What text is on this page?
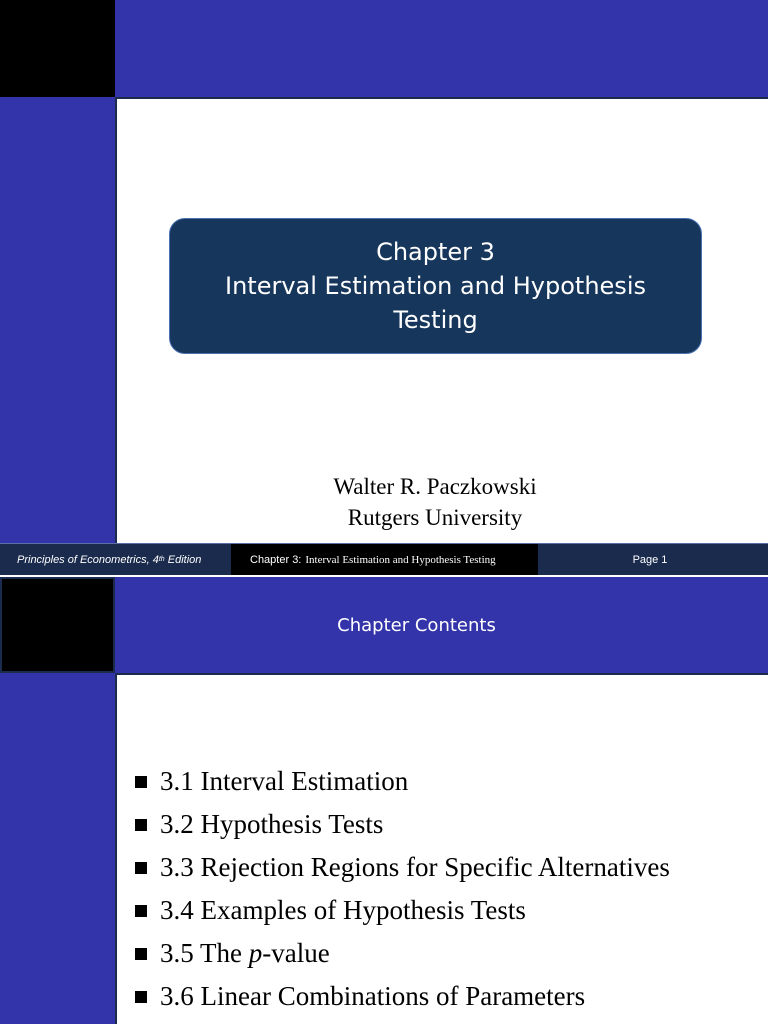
Chapter 3
Interval Estimation and Hypothesis
Testing
Walter R. Paczkowski
Rutgers University
Principles of Econometrics, 4 th Edition	Chapter 3: Interval Estimation and Hypothesis Testing	Page 1
Chapter Contents
3.1 Interval Estimation
3.2 Hypothesis Tests
3.3 Rejection Regions for Specific Alternatives
3.4 Examples of Hypothesis Tests
3.5 The p-value
3.6 Linear Combinations of Parameters
